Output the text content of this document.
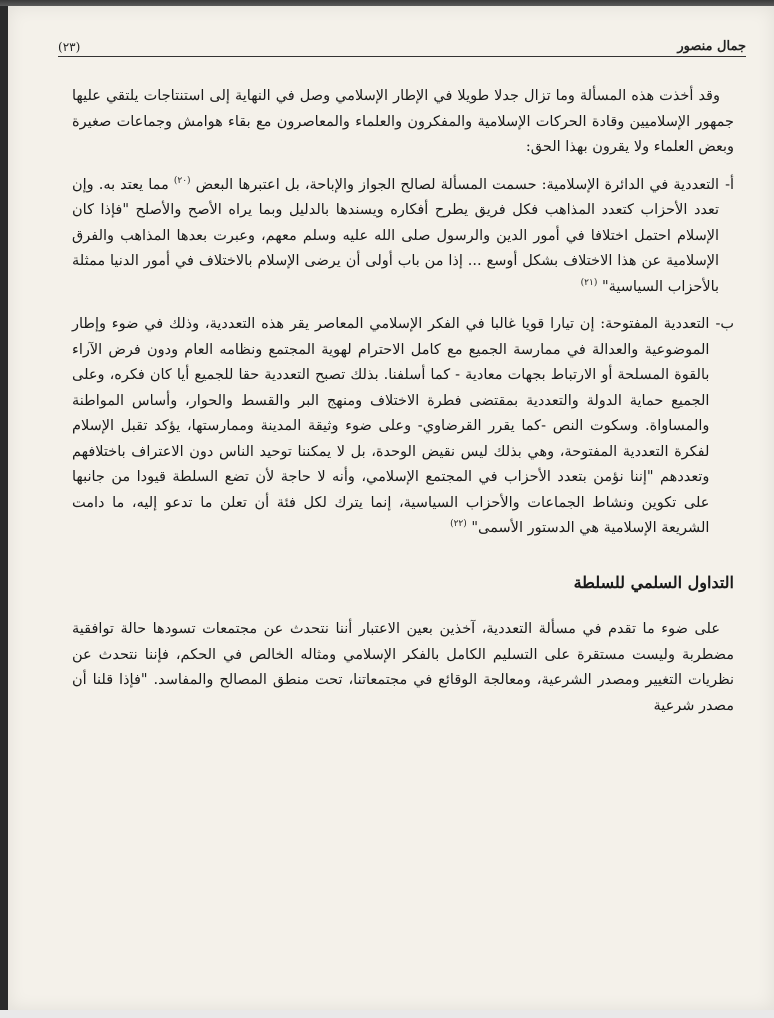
جمال منصور
(٢٣)

وقد أخذت هذه المسألة وما تزال جدلا طويلا في الإطار الإسلامي وصل في النهاية إلى استنتاجات يلتقي عليها جمهور الإسلاميين وقادة الحركات الإسلامية والمفكرون والعلماء والمعاصرون مع بقاء هوامش وجماعات صغيرة وبعض العلماء ولا يقرون بهذا الحق:

أ-
التعددية في الدائرة الإسلامية: حسمت المسألة لصالح الجواز والإباحة، بل اعتبرها البعض $^{(٢٠)}$ مما يعتد به. وإن تعدد الأحزاب كتعدد المذاهب فكل فريق يطرح أفكاره ويسندها بالدليل وبما يراه الأصح والأصلح "فإذا كان الإسلام احتمل اختلافا في أمور الدين والرسول صلى الله عليه وسلم معهم، وعبرت بعدها المذاهب والفرق الإسلامية عن هذا الاختلاف بشكل أوسع ... إذا من باب أولى أن يرضى الإسلام بالاختلاف في أمور الدنيا ممثلة بالأحزاب السياسية" $^{(٢١)}$
ب-
التعددية المفتوحة: إن تيارا قويا غالبا في الفكر الإسلامي المعاصر يقر هذه التعددية، وذلك في ضوء وإطار الموضوعية والعدالة في ممارسة الجميع مع كامل الاحترام لهوية المجتمع ونظامه العام ودون فرض الآراء بالقوة المسلحة أو الارتباط بجهات معادية - كما أسلفنا. بذلك تصبح التعددية حقا للجميع أيا كان فكره، وعلى الجميع حماية الدولة والتعددية بمقتضى فطرة الاختلاف ومنهج البر والقسط والحوار، وأساس المواطنة والمساواة. وسكوت النص -كما يقرر القرضاوي- وعلى ضوء وثيقة المدينة وممارستها، يؤكد تقبل الإسلام لفكرة التعددية المفتوحة، وهي بذلك ليس نقيض الوحدة، بل لا يمكننا توحيد الناس دون الاعتراف باختلافهم وتعددهم "إننا نؤمن بتعدد الأحزاب في المجتمع الإسلامي، وأنه لا حاجة لأن تضع السلطة قيودا من جانبها على تكوين ونشاط الجماعات والأحزاب السياسية، إنما يترك لكل فئة أن تعلن ما تدعو إليه، ما دامت الشريعة الإسلامية هي الدستور الأسمى" $^{(٢٢)}$
التداول السلمي للسلطة

على ضوء ما تقدم في مسألة التعددية، آخذين بعين الاعتبار أننا نتحدث عن مجتمعات تسودها حالة توافقية مضطربة وليست مستقرة على التسليم الكامل بالفكر الإسلامي ومثاله الخالص في الحكم، فإننا نتحدث عن نظريات التغيير ومصدر الشرعية، ومعالجة الوقائع في مجتمعاتنا، تحت منطق المصالح والمفاسد. "فإذا قلنا أن مصدر شرعية
